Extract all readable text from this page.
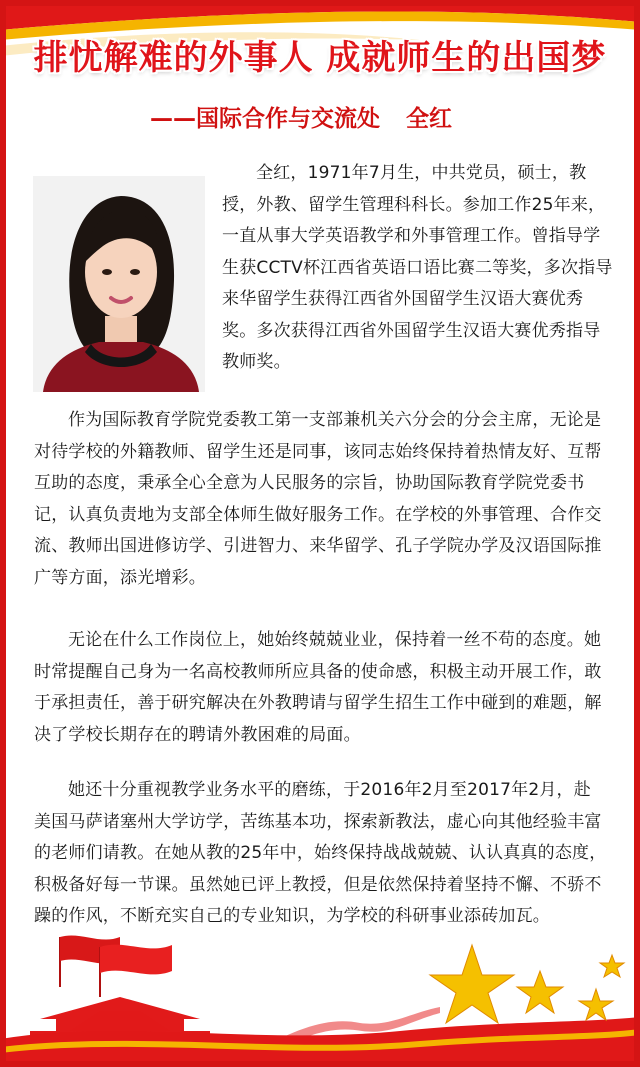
排忧解难的外事人 成就师生的出国梦
——国际合作与交流处 全红
全红，1971年7月生，中共党员，硕士，教授，外教、留学生管理科科长。参加工作25年来，一直从事大学英语教学和外事管理工作。曾指导学生获CCTV杯江西省英语口语比赛二等奖，多次指导来华留学生获得江西省外国留学生汉语大赛优秀奖。多次获得江西省外国留学生汉语大赛优秀指导教师奖。
作为国际教育学院党委教工第一支部兼机关六分会的分会主席，无论是对待学校的外籍教师、留学生还是同事，该同志始终保持着热情友好、互帮互助的态度，秉承全心全意为人民服务的宗旨，协助国际教育学院党委书记，认真负责地为支部全体师生做好服务工作。在学校的外事管理、合作交流、教师出国进修访学、引进智力、来华留学、孔子学院办学及汉语国际推广等方面，添光增彩。
无论在什么工作岗位上，她始终兢兢业业，保持着一丝不苟的态度。她时常提醒自己身为一名高校教师所应具备的使命感，积极主动开展工作，敢于承担责任，善于研究解决在外教聘请与留学生招生工作中碰到的难题，解决了学校长期存在的聘请外教困难的局面。
她还十分重视教学业务水平的磨练，于2016年2月至2017年2月，赴美国马萨诸塞州大学访学，苦练基本功，探索新教法，虚心向其他经验丰富的老师们请教。在她从教的25年中，始终保持战战兢兢、认认真真的态度，积极备好每一节课。虽然她已评上教授，但是依然保持着坚持不懈、不骄不躁的作风，不断充实自己的专业知识，为学校的科研事业添砖加瓦。
